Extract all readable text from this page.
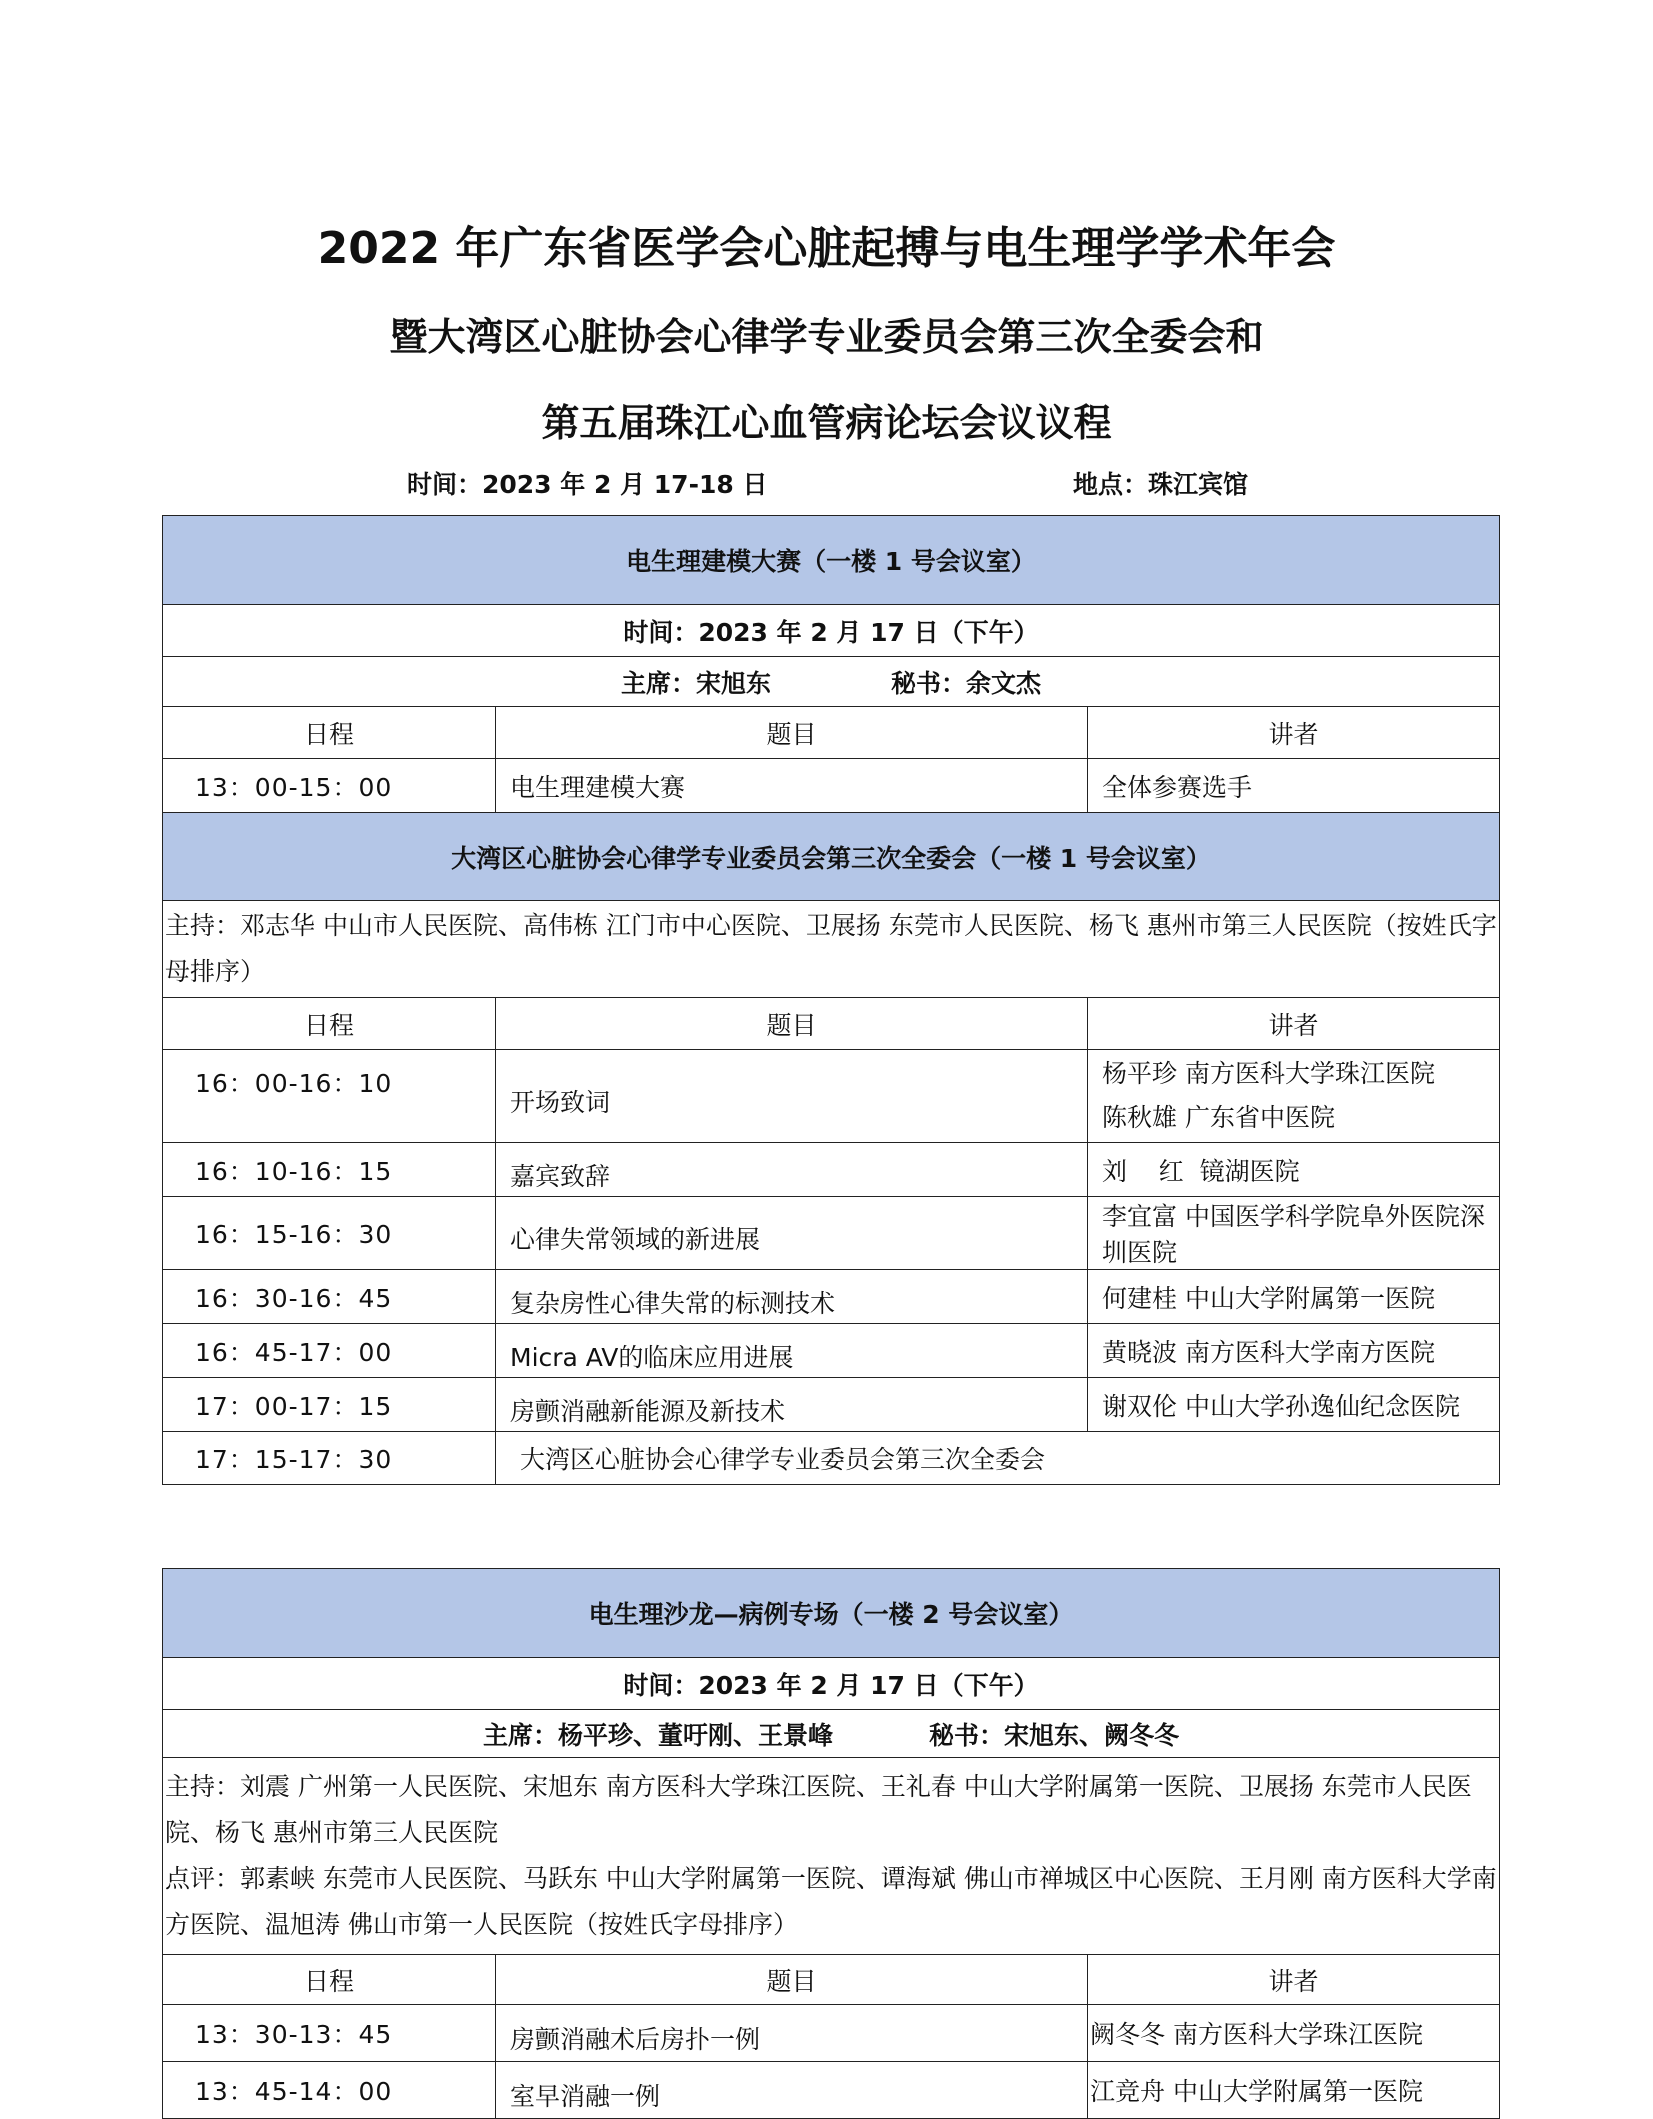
2022 年广东省医学会心脏起搏与电生理学学术年会
暨大湾区心脏协会心律学专业委员会第三次全委会和
第五届珠江心血管病论坛会议议程
时间：2023 年 2 月 17-18 日	地点：珠江宾馆
电生理建模大赛（一楼 1 号会议室）		
时间：2023 年 2 月 17 日（下午）		
主席：宋旭东 秘书：余文杰		
日程	题目	讲者
13：00-15：00	电生理建模大赛	全体参赛选手
大湾区心脏协会心律学专业委员会第三次全委会（一楼 1 号会议室）		
主持：邓志华 中山市人民医院、高伟栋 江门市中心医院、卫展扬 东莞市人民医院、杨飞 惠州市第三人民医院（按姓氏字母排序）		
日程	题目	讲者
16：00-16：10	开场致词	杨平珍 南方医科大学珠江医院
陈秋雄 广东省中医院

16：10-16：15	嘉宾致辞	刘    红  镜湖医院
16：15-16：30	心律失常领域的新进展	李宜富 中国医学科学院阜外医院深圳医院
16：30-16：45	复杂房性心律失常的标测技术	何建桂 中山大学附属第一医院
16：45-17：00	Micra AV的临床应用进展	黄晓波 南方医科大学南方医院
17：00-17：15	房颤消融新能源及新技术	谢双伦 中山大学孙逸仙纪念医院
17：15-17：30	大湾区心脏协会心律学专业委员会第三次全委会	
电生理沙龙—病例专场（一楼 2 号会议室）		
时间：2023 年 2 月 17 日（下午）		
主席：杨平珍、董吁刚、王景峰 秘书：宋旭东、阙冬冬		

主持：刘震 广州第一人民医院、宋旭东 南方医科大学珠江医院、王礼春 中山大学附属第一医院、卫展扬 东莞市人民医院、杨飞 惠州市第三人民医院
点评：郭素峡 东莞市人民医院、马跃东 中山大学附属第一医院、谭海斌 佛山市禅城区中心医院、王月刚 南方医科大学南方医院、温旭涛 佛山市第一人民医院（按姓氏字母排序）		

日程	题目	讲者
13：30-13：45	房颤消融术后房扑一例	阙冬冬 南方医科大学珠江医院
13：45-14：00	室早消融一例	江竞舟 中山大学附属第一医院
